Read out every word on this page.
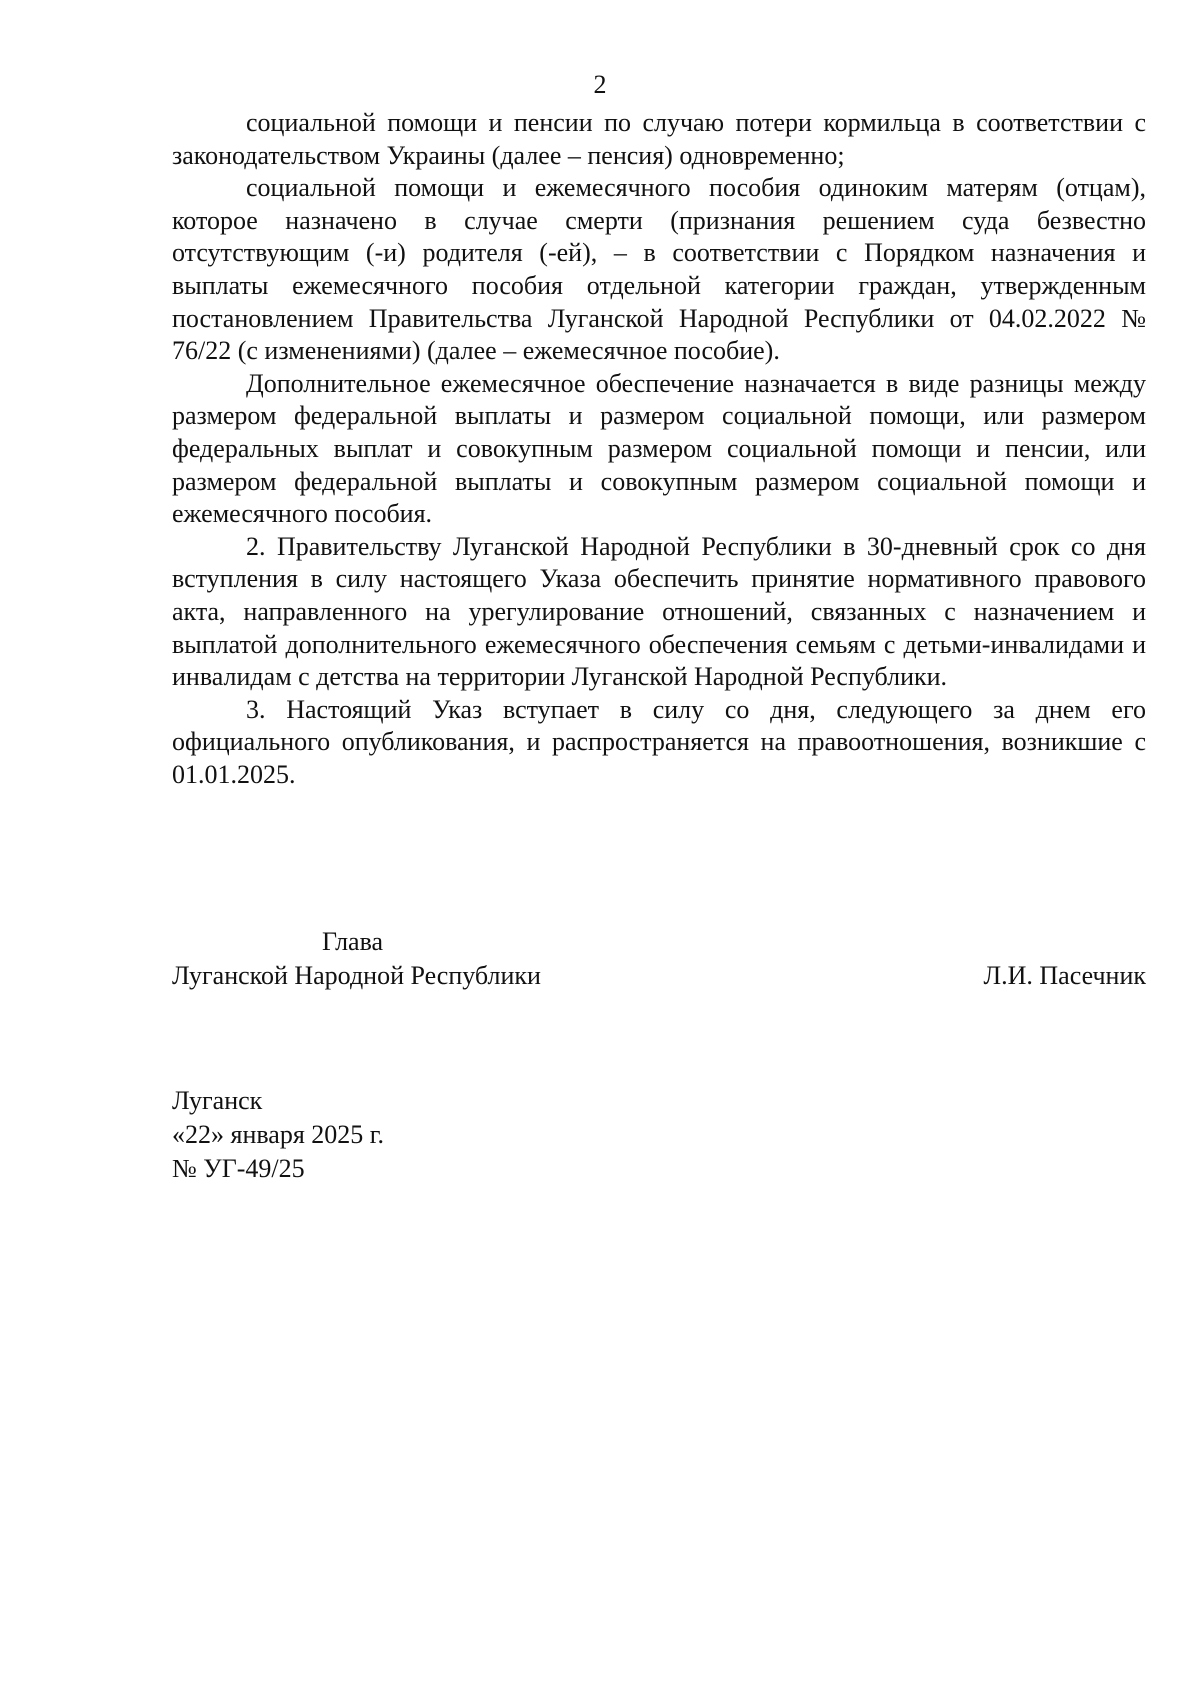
2

социальной помощи и пенсии по случаю потери кормильца в соответствии с законодательством Украины (далее – пенсия) одновременно;

социальной помощи и ежемесячного пособия одиноким матерям (отцам), которое назначено в случае смерти (признания решением суда безвестно отсутствующим (-и) родителя (-ей), – в соответствии с Порядком назначения и выплаты ежемесячного пособия отдельной категории граждан, утвержденным постановлением Правительства Луганской Народной Республики от 04.02.2022 № 76/22 (с изменениями) (далее – ежемесячное пособие).

Дополнительное ежемесячное обеспечение назначается в виде разницы между размером федеральной выплаты и размером социальной помощи, или размером федеральных выплат и совокупным размером социальной помощи и пенсии, или размером федеральной выплаты и совокупным размером социальной помощи и ежемесячного пособия.

2. Правительству Луганской Народной Республики в 30-дневный срок со дня вступления в силу настоящего Указа обеспечить принятие нормативного правового акта, направленного на урегулирование отношений, связанных с назначением и выплатой дополнительного ежемесячного обеспечения семьям с детьми-инвалидами и инвалидам с детства на территории Луганской Народной Республики.

3. Настоящий Указ вступает в силу со дня, следующего за днем его официального опубликования, и распространяется на правоотношения, возникшие с 01.01.2025.

Глава
Луганской Народной Республики	Л.И. Пасечник
Луганск
«22» января 2025 г.
№ УГ-49/25
